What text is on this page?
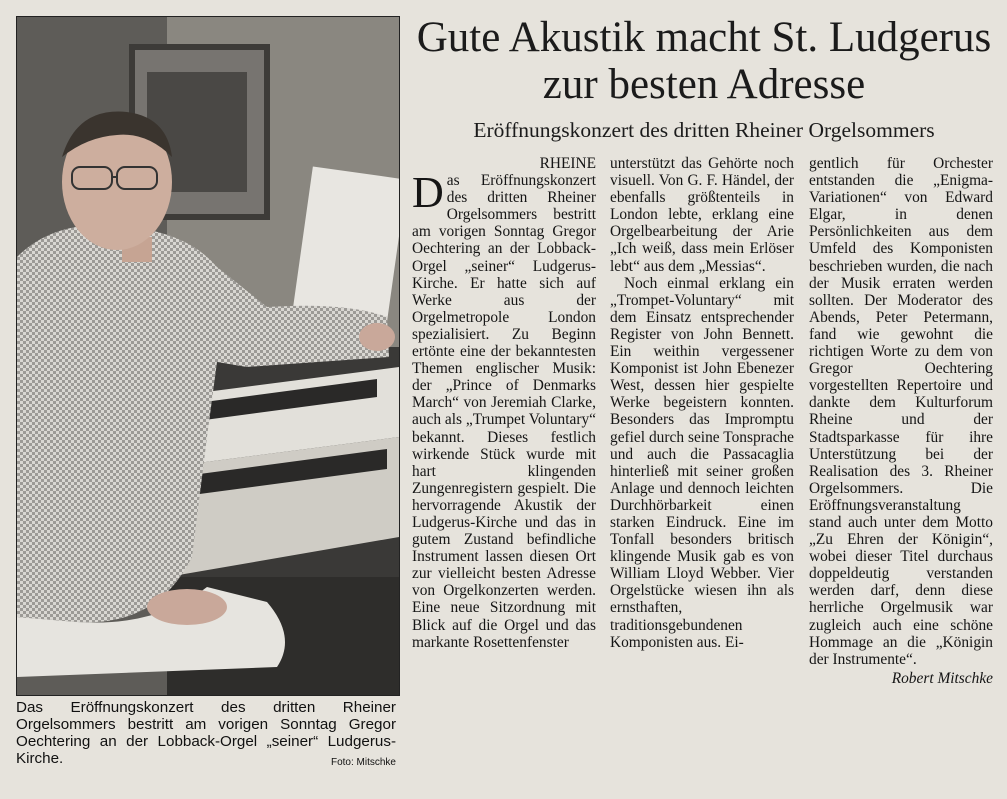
Das Eröffnungskonzert des dritten Rheiner Orgelsommers bestritt am vorigen Sonntag Gregor Oechtering an der Lobback-Orgel „seiner“ Ludgerus-Kirche.	Foto: Mitschke
Gute Akustik macht St. Ludgerus zur besten Adresse
Eröffnungskonzert des dritten Rheiner Orgelsommers
RHEINE
D as Eröffnungskonzert des dritten Rheiner Orgelsommers bestritt am vorigen Sonntag Gregor Oechtering an der Lobback-Orgel „seiner“ Ludgerus-Kirche. Er hatte sich auf Werke aus der Orgelmetropole London spezialisiert. Zu Beginn ertönte eine der bekanntesten Themen englischer Musik: der „Prince of Denmarks March“ von Jeremiah Clarke, auch als „Trumpet Voluntary“ bekannt. Dieses festlich wirkende Stück wurde mit hart klingenden Zungenregistern gespielt. Die hervorragende Akustik der Ludgerus-Kirche und das in gutem Zustand befindliche Instrument lassen diesen Ort zur vielleicht besten Adresse von Orgelkonzerten werden. Eine neue Sitzordnung mit Blick auf die Orgel und das markante Rosettenfenster
unterstützt das Gehörte noch visuell. Von G. F. Händel, der ebenfalls größtenteils in London lebte, erklang eine Orgelbearbeitung der Arie „Ich weiß, dass mein Erlöser lebt“ aus dem „Messias“.
Noch einmal erklang ein „Trompet-Voluntary“ mit dem Einsatz entsprechender Register von John Bennett. Ein weithin vergessener Komponist ist John Ebenezer West, dessen hier gespielte Werke begeistern konnten. Besonders das Impromptu gefiel durch seine Tonsprache und auch die Passacaglia hinterließ mit seiner großen Anlage und dennoch leichten Durchhörbarkeit einen starken Eindruck. Eine im Tonfall besonders britisch klingende Musik gab es von William Lloyd Webber. Vier Orgelstücke wiesen ihn als ernsthaften, traditionsgebundenen Komponisten aus. Ei-
gentlich für Orchester entstanden die „Enigma-Variationen“ von Edward Elgar, in denen Persönlichkeiten aus dem Umfeld des Komponisten beschrieben wurden, die nach der Musik erraten werden sollten. Der Moderator des Abends, Peter Petermann, fand wie gewohnt die richtigen Worte zu dem von Gregor Oechtering vorgestellten Repertoire und dankte dem Kulturforum Rheine und der Stadtsparkasse für ihre Unterstützung bei der Realisation des 3. Rheiner Orgelsommers. Die Eröffnungsveranstaltung stand auch unter dem Motto „Zu Ehren der Königin“, wobei dieser Titel durchaus doppeldeutig verstanden werden darf, denn diese herrliche Orgelmusik war zugleich auch eine schöne Hommage an die „Königin der Instrumente“.
Robert Mitschke
